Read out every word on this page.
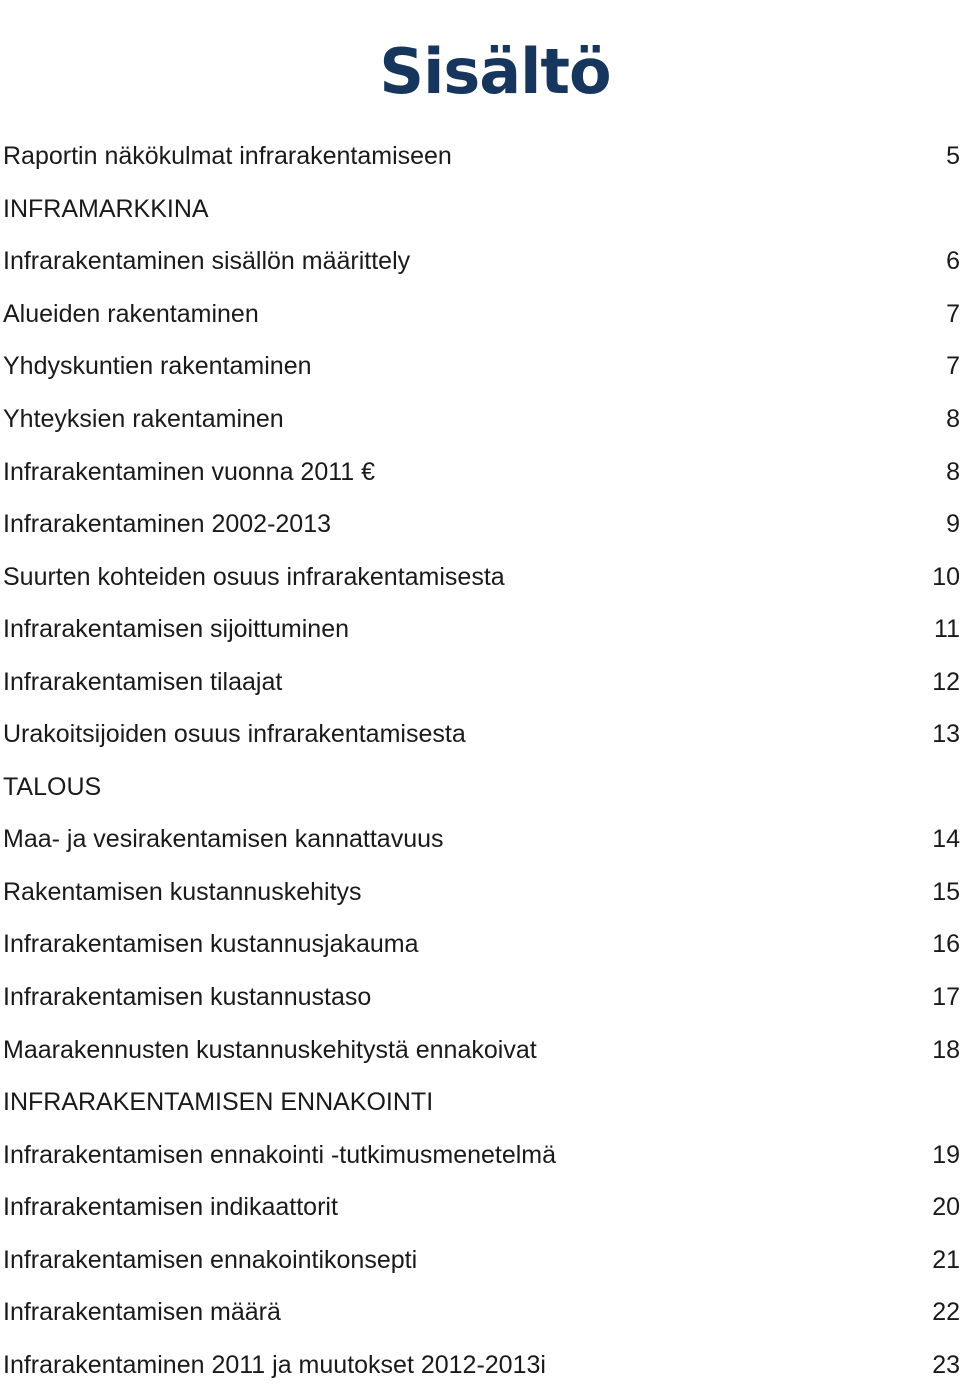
Sisältö
Raportin näkökulmat infrarakentamiseen	5
INFRAMARKKINA
Infrarakentaminen sisällön määrittely	6
Alueiden rakentaminen	7
Yhdyskuntien rakentaminen	7
Yhteyksien rakentaminen	8
Infrarakentaminen vuonna 2011 €	8
Infrarakentaminen 2002-2013	9
Suurten kohteiden osuus infrarakentamisesta	10
Infrarakentamisen sijoittuminen	11
Infrarakentamisen tilaajat	12
Urakoitsijoiden osuus infrarakentamisesta	13
TALOUS
Maa- ja vesirakentamisen kannattavuus	14
Rakentamisen kustannuskehitys	15
Infrarakentamisen kustannusjakauma	16
Infrarakentamisen kustannustaso	17
Maarakennusten kustannuskehitystä ennakoivat	18
INFRARAKENTAMISEN ENNAKOINTI
Infrarakentamisen ennakointi -tutkimusmenetelmä	19
Infrarakentamisen indikaattorit	20
Infrarakentamisen ennakointikonsepti	21
Infrarakentamisen määrä	22
Infrarakentaminen 2011 ja muutokset 2012-2013i	23
